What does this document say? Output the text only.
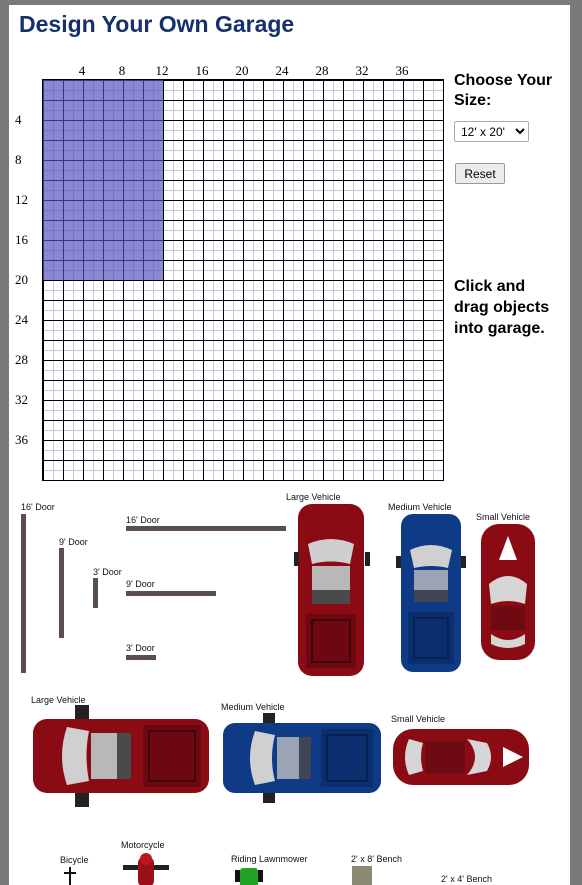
Design Your Own Garage
4	8	12	16	20	24	28	32	36
4
8
12
16
20
24
28
32
36
Choose Your Size:
12' x 20'
Reset
Click and drag objects into garage.
16' Door
9' Door
3' Door
16' Door
9' Door
3' Door
Large Vehicle
Medium Vehicle
Small Vehicle
Large Vehicle
Medium Vehicle
Small Vehicle
Bicycle
Motorcycle
Riding Lawnmower	2' x 8' Bench
2' x 4' Bench
